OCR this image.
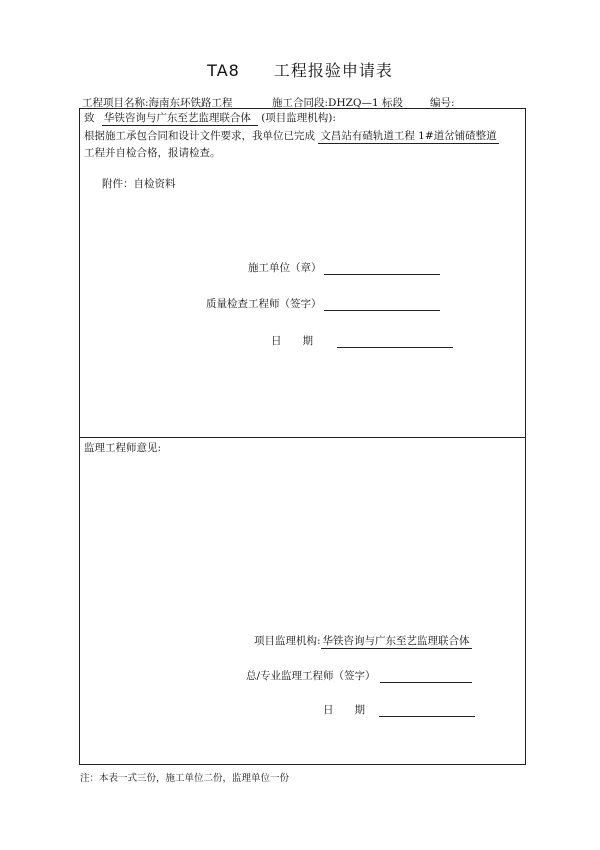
TA8 工程报验申请表
工程项目名称:海南东环铁路工程	施工合同段:DHZQ—1 标段	编号:
致 华铁咨询与广东至艺监理联合体 (项目监理机构):
根据施工承包合同和设计文件要求，我单位已完成 文昌站有碴轨道工程 1#道岔铺碴整道
工程并自检合格，报请检查。
附件：自检资料
施工单位（章）
质量检查工程师（签字）
日　　期
监理工程师意见:
项目监理机构: 华铁咨询与广东至艺监理联合体
总/专业监理工程师（签字）
日　　期
注：本表一式三份，施工单位二份，监理单位一份
